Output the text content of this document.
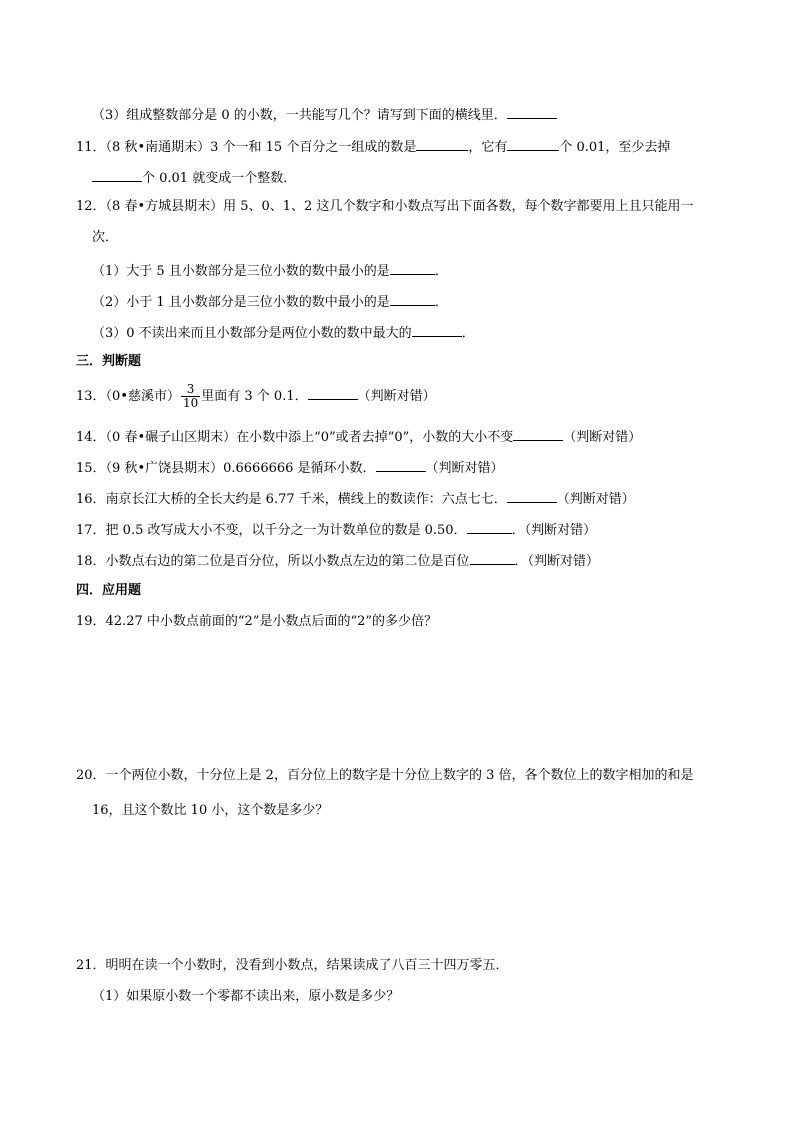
（3）组成整数部分是 0 的小数，一共能写几个？请写到下面的横线里．
11．（8 秋•南通期末）3 个一和 15 个百分之一组成的数是	，它有	个 0.01，至少去掉
个 0.01 就变成一个整数．
12．（8 春•方城县期末）用 5、0、1、2 这几个数字和小数点写出下面各数，每个数字都要用上且只能用一
次．
（1）大于 5 且小数部分是三位小数的数中最小的是	．
（2）小于 1 且小数部分是三位小数的数中最小的是	．
（3）0 不读出来而且小数部分是两位小数的数中最大的	．
三．判断题
13．（0•慈溪市） $\frac{3}{10}$ 里面有 3 个 0.1．	（判断对错）
14．（0 春•碾子山区期末）在小数中添上“0”或者去掉“0”，小数的大小不变	（判断对错）
15．（9 秋•广饶县期末）0.6666666 是循环小数．	（判断对错）
16．南京长江大桥的全长大约是 6.77 千米，横线上的数读作：六点七七．	（判断对错）
17．把 0.5 改写成大小不变，以千分之一为计数单位的数是 0.50．	．（判断对错）
18．小数点右边的第二位是百分位，所以小数点左边的第二位是百位	．（判断对错）
四．应用题
19．42.27 中小数点前面的“2”是小数点后面的“2”的多少倍？
20．一个两位小数，十分位上是 2，百分位上的数字是十分位上数字的 3 倍，各个数位上的数字相加的和是
16，且这个数比 10 小，这个数是多少？
21．明明在读一个小数时，没看到小数点，结果读成了八百三十四万零五．
（1）如果原小数一个零都不读出来，原小数是多少？
